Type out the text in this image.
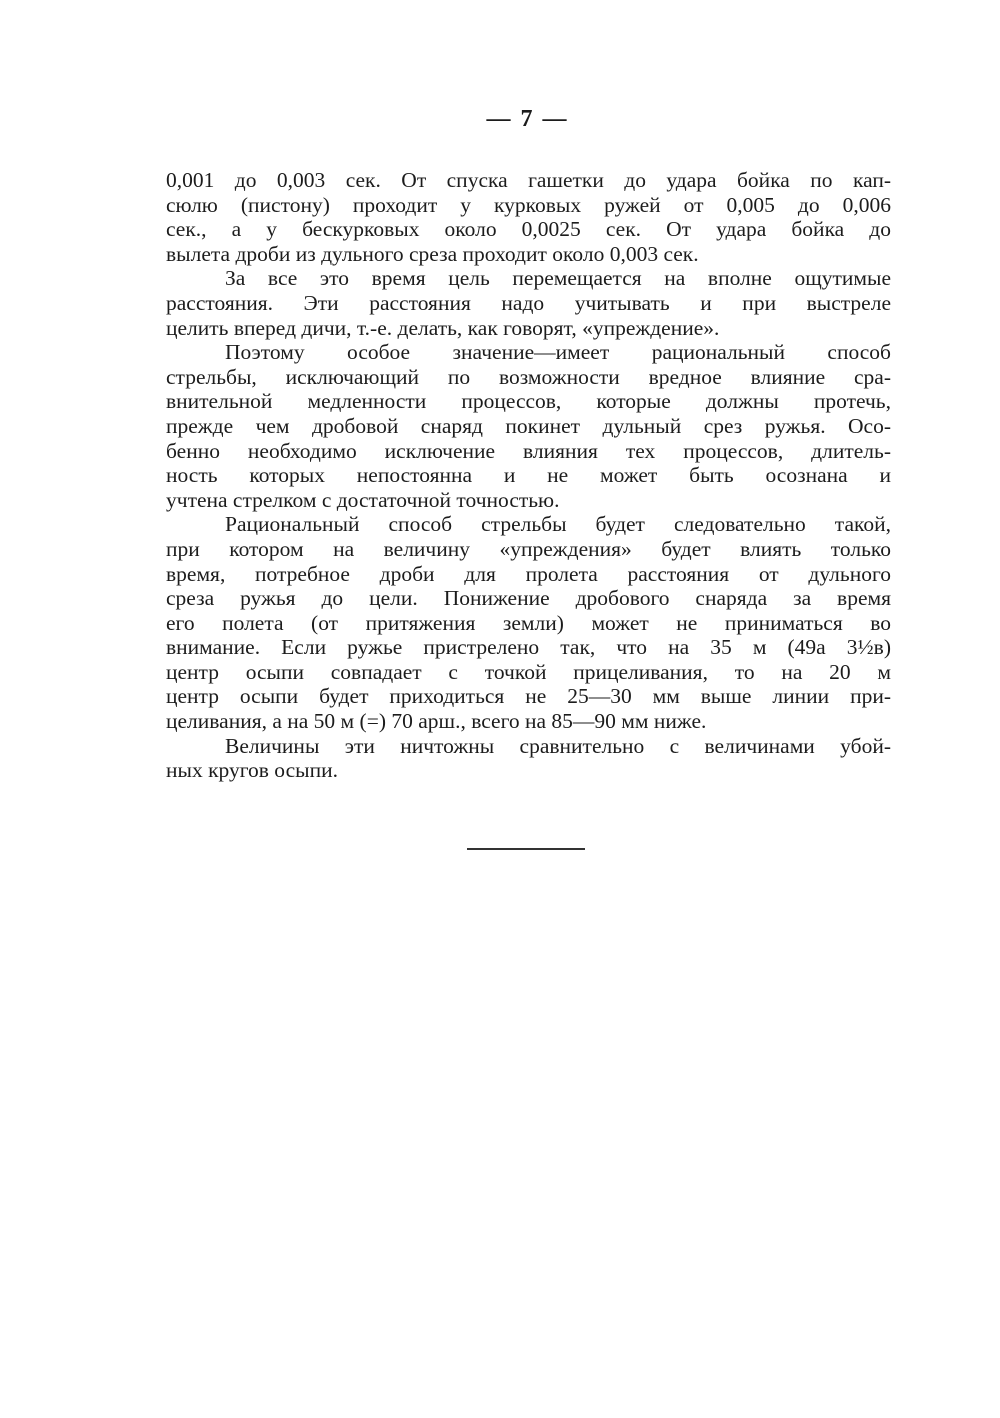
— 7 —
0,001 до 0,003 сек. От спуска гашетки до удара бойка по кап-
сюлю (пистону) проходит у курковых ружей от 0,005 до 0,006
сек., а у бескурковых около 0,0025 сек. От удара бойка до
вылета дроби из дульного среза проходит около 0,003 сек.
За все это время цель перемещается на вполне ощутимые
расстояния. Эти расстояния надо учитывать и при выстреле
целить вперед дичи, т.-е. делать, как говорят, «упреждение».
Поэтому особое значение—имеет рациональный способ
стрельбы, исключающий по возможности вредное влияние сра-
внительной медленности процессов, которые должны протечь,
прежде чем дробовой снаряд покинет дульный срез ружья. Осо-
бенно необходимо исключение влияния тех процессов, длитель-
ность которых непостоянна и не может быть осознана и
учтена стрелком с достаточной точностью.
Рациональный способ стрельбы будет следовательно такой,
при котором на величину «упреждения» будет влиять только
время, потребное дроби для пролета расстояния от дульного
среза ружья до цели. Понижение дробового снаряда за время
его полета (от притяжения земли) может не приниматься во
внимание. Если ружье пристрелено так, что на 35 м (49а 3½в)
центр осыпи совпадает с точкой прицеливания, то на 20 м
центр осыпи будет приходиться не 25—30 мм выше линии при-
целивания, а на 50 м (=) 70 арш., всего на 85—90 мм ниже.
Величины эти ничтожны сравнительно с величинами убой-
ных кругов осыпи.
